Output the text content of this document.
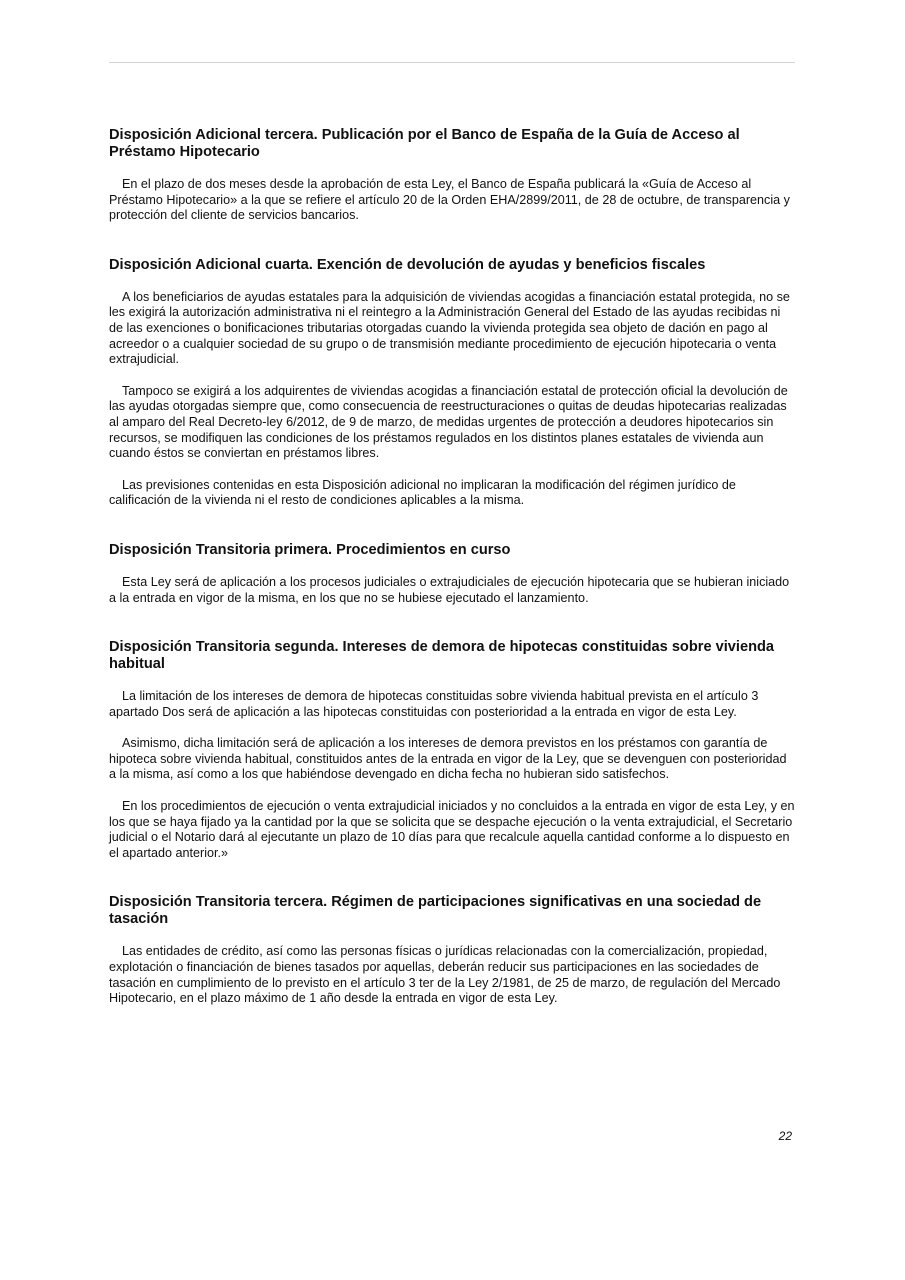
Disposición Adicional tercera. Publicación por el Banco de España de la Guía de Acceso al Préstamo Hipotecario

En el plazo de dos meses desde la aprobación de esta Ley, el Banco de España publicará la «Guía de Acceso al Préstamo Hipotecario» a la que se refiere el artículo 20 de la Orden EHA/2899/2011, de 28 de octubre, de transparencia y protección del cliente de servicios bancarios.

Disposición Adicional cuarta. Exención de devolución de ayudas y beneficios fiscales

A los beneficiarios de ayudas estatales para la adquisición de viviendas acogidas a financiación estatal protegida, no se les exigirá la autorización administrativa ni el reintegro a la Administración General del Estado de las ayudas recibidas ni de las exenciones o bonificaciones tributarias otorgadas cuando la vivienda protegida sea objeto de dación en pago al acreedor o a cualquier sociedad de su grupo o de transmisión mediante procedimiento de ejecución hipotecaria o venta extrajudicial.

Tampoco se exigirá a los adquirentes de viviendas acogidas a financiación estatal de protección oficial la devolución de las ayudas otorgadas siempre que, como consecuencia de reestructuraciones o quitas de deudas hipotecarias realizadas al amparo del Real Decreto-ley 6/2012, de 9 de marzo, de medidas urgentes de protección a deudores hipotecarios sin recursos, se modifiquen las condiciones de los préstamos regulados en los distintos planes estatales de vivienda aun cuando éstos se conviertan en préstamos libres.

Las previsiones contenidas en esta Disposición adicional no implicaran la modificación del régimen jurídico de calificación de la vivienda ni el resto de condiciones aplicables a la misma.

Disposición Transitoria primera. Procedimientos en curso

Esta Ley será de aplicación a los procesos judiciales o extrajudiciales de ejecución hipotecaria que se hubieran iniciado a la entrada en vigor de la misma, en los que no se hubiese ejecutado el lanzamiento.

Disposición Transitoria segunda. Intereses de demora de hipotecas constituidas sobre vivienda habitual

La limitación de los intereses de demora de hipotecas constituidas sobre vivienda habitual prevista en el artículo 3 apartado Dos será de aplicación a las hipotecas constituidas con posterioridad a la entrada en vigor de esta Ley.

Asimismo, dicha limitación será de aplicación a los intereses de demora previstos en los préstamos con garantía de hipoteca sobre vivienda habitual, constituidos antes de la entrada en vigor de la Ley, que se devenguen con posterioridad a la misma, así como a los que habiéndose devengado en dicha fecha no hubieran sido satisfechos.

En los procedimientos de ejecución o venta extrajudicial iniciados y no concluidos a la entrada en vigor de esta Ley, y en los que se haya fijado ya la cantidad por la que se solicita que se despache ejecución o la venta extrajudicial, el Secretario judicial o el Notario dará al ejecutante un plazo de 10 días para que recalcule aquella cantidad conforme a lo dispuesto en el apartado anterior.»

Disposición Transitoria tercera. Régimen de participaciones significativas en una sociedad de tasación

Las entidades de crédito, así como las personas físicas o jurídicas relacionadas con la comercialización, propiedad, explotación o financiación de bienes tasados por aquellas, deberán reducir sus participaciones en las sociedades de tasación en cumplimiento de lo previsto en el artículo 3 ter de la Ley 2/1981, de 25 de marzo, de regulación del Mercado Hipotecario, en el plazo máximo de 1 año desde la entrada en vigor de esta Ley.

22
